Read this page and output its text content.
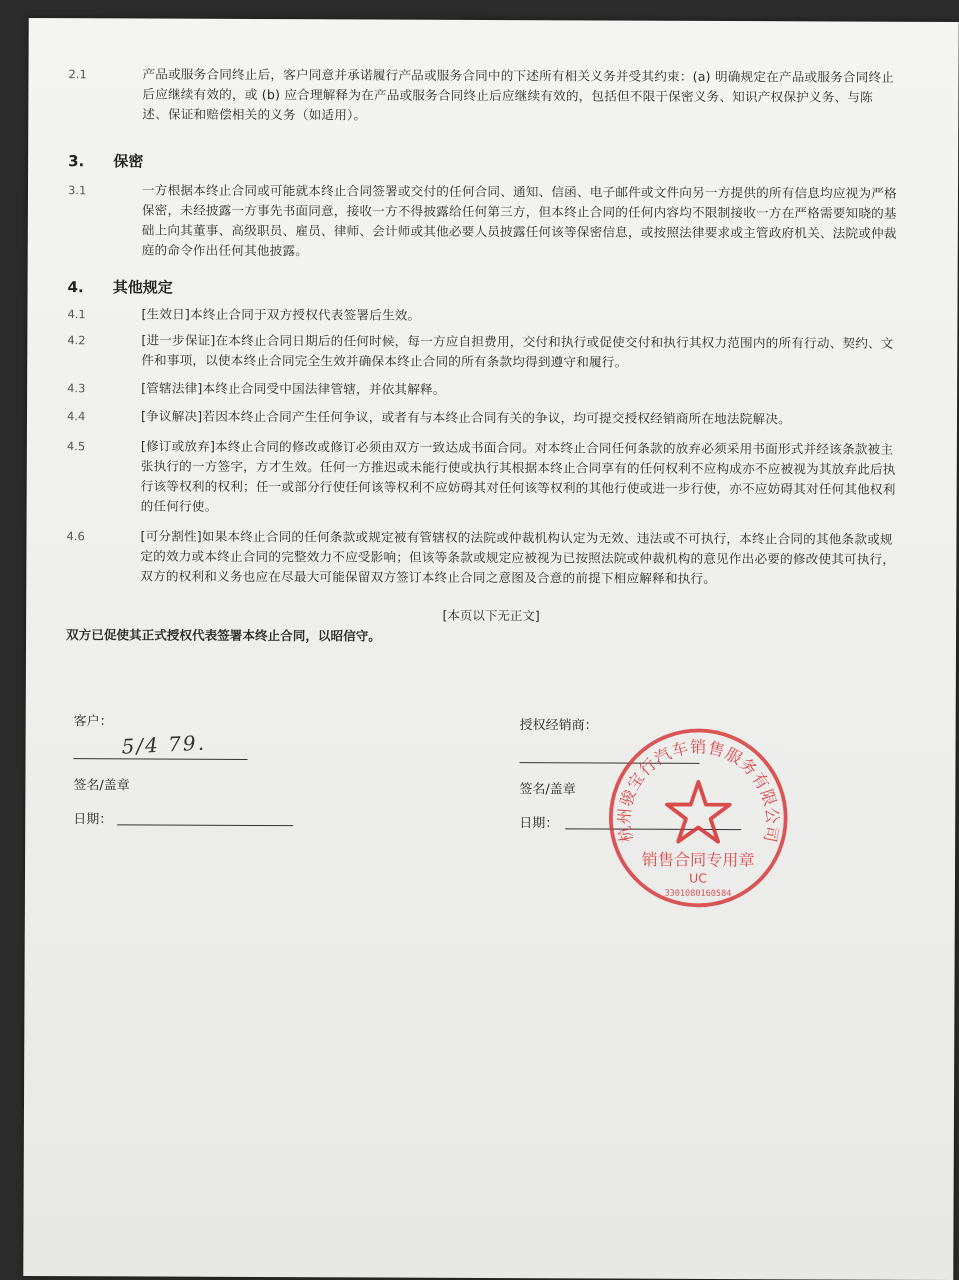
2.1	产品或服务合同终止后，客户同意并承诺履行产品或服务合同中的下述所有相关义务并受其约束：(a) 明确规定在产品或服务合同终止后应继续有效的，或 (b) 应合理解释为在产品或服务合同终止后应继续有效的，包括但不限于保密义务、知识产权保护义务、与陈述、保证和赔偿相关的义务（如适用）。
3. 保密
3.1	一方根据本终止合同或可能就本终止合同签署或交付的任何合同、通知、信函、电子邮件或文件向另一方提供的所有信息均应视为严格保密，未经披露一方事先书面同意，接收一方不得披露给任何第三方，但本终止合同的任何内容均不限制接收一方在严格需要知晓的基础上向其董事、高级职员、雇员、律师、会计师或其他必要人员披露任何该等保密信息，或按照法律要求或主管政府机关、法院或仲裁庭的命令作出任何其他披露。
4. 其他规定
4.1	[生效日]本终止合同于双方授权代表签署后生效。
4.2	[进一步保证]在本终止合同日期后的任何时候，每一方应自担费用，交付和执行或促使交付和执行其权力范围内的所有行动、契约、文件和事项，以使本终止合同完全生效并确保本终止合同的所有条款均得到遵守和履行。
4.3	[管辖法律]本终止合同受中国法律管辖，并依其解释。
4.4	[争议解决]若因本终止合同产生任何争议，或者有与本终止合同有关的争议，均可提交授权经销商所在地法院解决。
4.5	[修订或放弃]本终止合同的修改或修订必须由双方一致达成书面合同。对本终止合同任何条款的放弃必须采用书面形式并经该条款被主张执行的一方签字，方才生效。任何一方推迟或未能行使或执行其根据本终止合同享有的任何权利不应构成亦不应被视为其放弃此后执行该等权利的权利；任一或部分行使任何该等权利不应妨碍其对任何该等权利的其他行使或进一步行使，亦不应妨碍其对任何其他权利的任何行使。
4.6	[可分割性]如果本终止合同的任何条款或规定被有管辖权的法院或仲裁机构认定为无效、违法或不可执行，本终止合同的其他条款或规定的效力或本终止合同的完整效力不应受影响；但该等条款或规定应被视为已按照法院或仲裁机构的意见作出必要的修改使其可执行，双方的权利和义务也应在尽最大可能保留双方签订本终止合同之意图及合意的前提下相应解释和执行。
[本页以下无正文]
双方已促使其正式授权代表签署本终止合同，以昭信守。
客户：
5/4 79.
签名/盖章
日期：
授权经销商：
签名/盖章
日期：
杭州骏宝行汽车销售服务有限公司
销售合同专用章
UC
3301080160584
